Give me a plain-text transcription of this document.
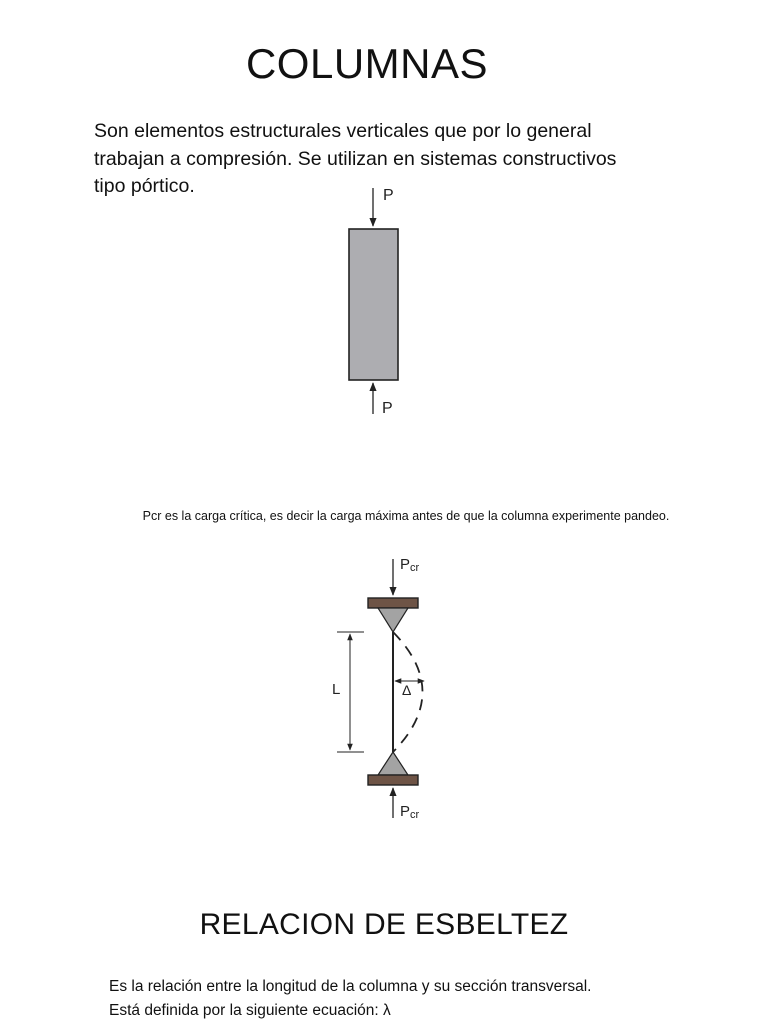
COLUMNAS

Son elementos estructurales verticales que por lo general
trabajan a compresión. Se utilizan en sistemas constructivos
tipo pórtico.	P
P
Pcr
Δ
Pcr
L

Pcr es la carga crítica, es decir la carga máxima antes de que la columna experimente pandeo.

RELACION DE ESBELTEZ

Es la relación entre la longitud de la columna y su sección transversal.
Está definida por la siguiente ecuación: λ
